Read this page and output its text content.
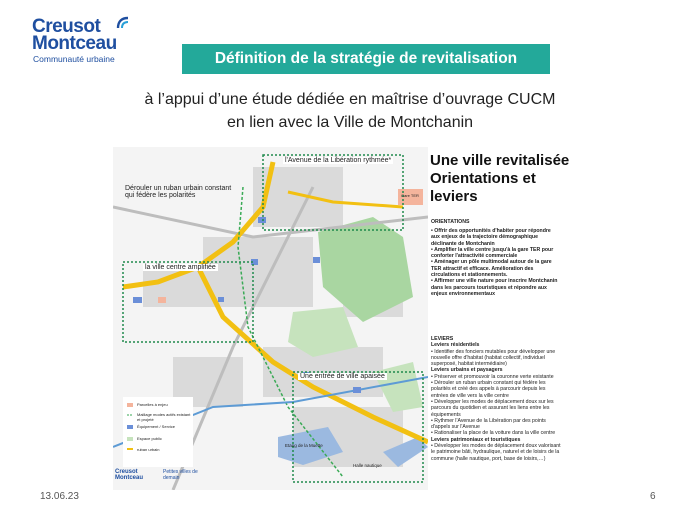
Creusot
Montceau
Communauté urbaine	Définition de la stratégie de revitalisation
à l’appui d’une étude dédiée en maîtrise d’ouvrage CUCM
en lien avec la Ville de Montchanin
l'Avenue de la Libération rythmée*
Dérouler un ruban urbain constant qui fédère les polarités
la ville centre amplifiée
Une entrée de ville apaisée
Gare TER
Etang de la Muette
Halle nautique
Parcelles à enjeu
Maillage modes actifs existant et projeté
Équipement / Service
Espace public
ruban urbain
Creusot Montceau
Petites villes de demain
Une ville revitalisée Orientations et leviers
ORIENTATIONS
• Offrir des opportunités d'habiter pour répondre aux enjeux de la trajectoire démographique déclinante de Montchanin
• Amplifier la ville centre jusqu'à la gare TER pour conforter l'attractivité commerciale
• Aménager un pôle multimodal autour de la gare TER attractif et efficace. Amélioration des circulations et stationnements.
• Affirmer une ville nature pour inscrire Montchanin dans les parcours touristiques et répondre aux enjeux environnementaux
LEVIERS
Leviers résidentiels
• Identifier des fonciers mutables pour développer une nouvelle offre d'habitat (habitat collectif, individuel superposé, habitat intermédiaire)
Leviers urbains et paysagers
• Préserver et promouvoir la couronne verte existante
• Dérouler un ruban urbain constant qui fédère les polarités et créé des appels à parcourir depuis les entrées de ville vers la ville centre
• Développer les modes de déplacement doux sur les parcours du quotidien et assurant les liens entre les équipements
• Rythmer l'Avenue de la Libération par des points d'appels sur l'Avenue
• Rationaliser la place de la voiture dans la ville centre
Leviers patrimoniaux et touristiques
• Développer les modes de déplacement doux valorisant le patrimoine bâti, hydraulique, naturel et de loisirs de la commune (halle nautique, port, base de loisirs,…)
13.06.23	6
